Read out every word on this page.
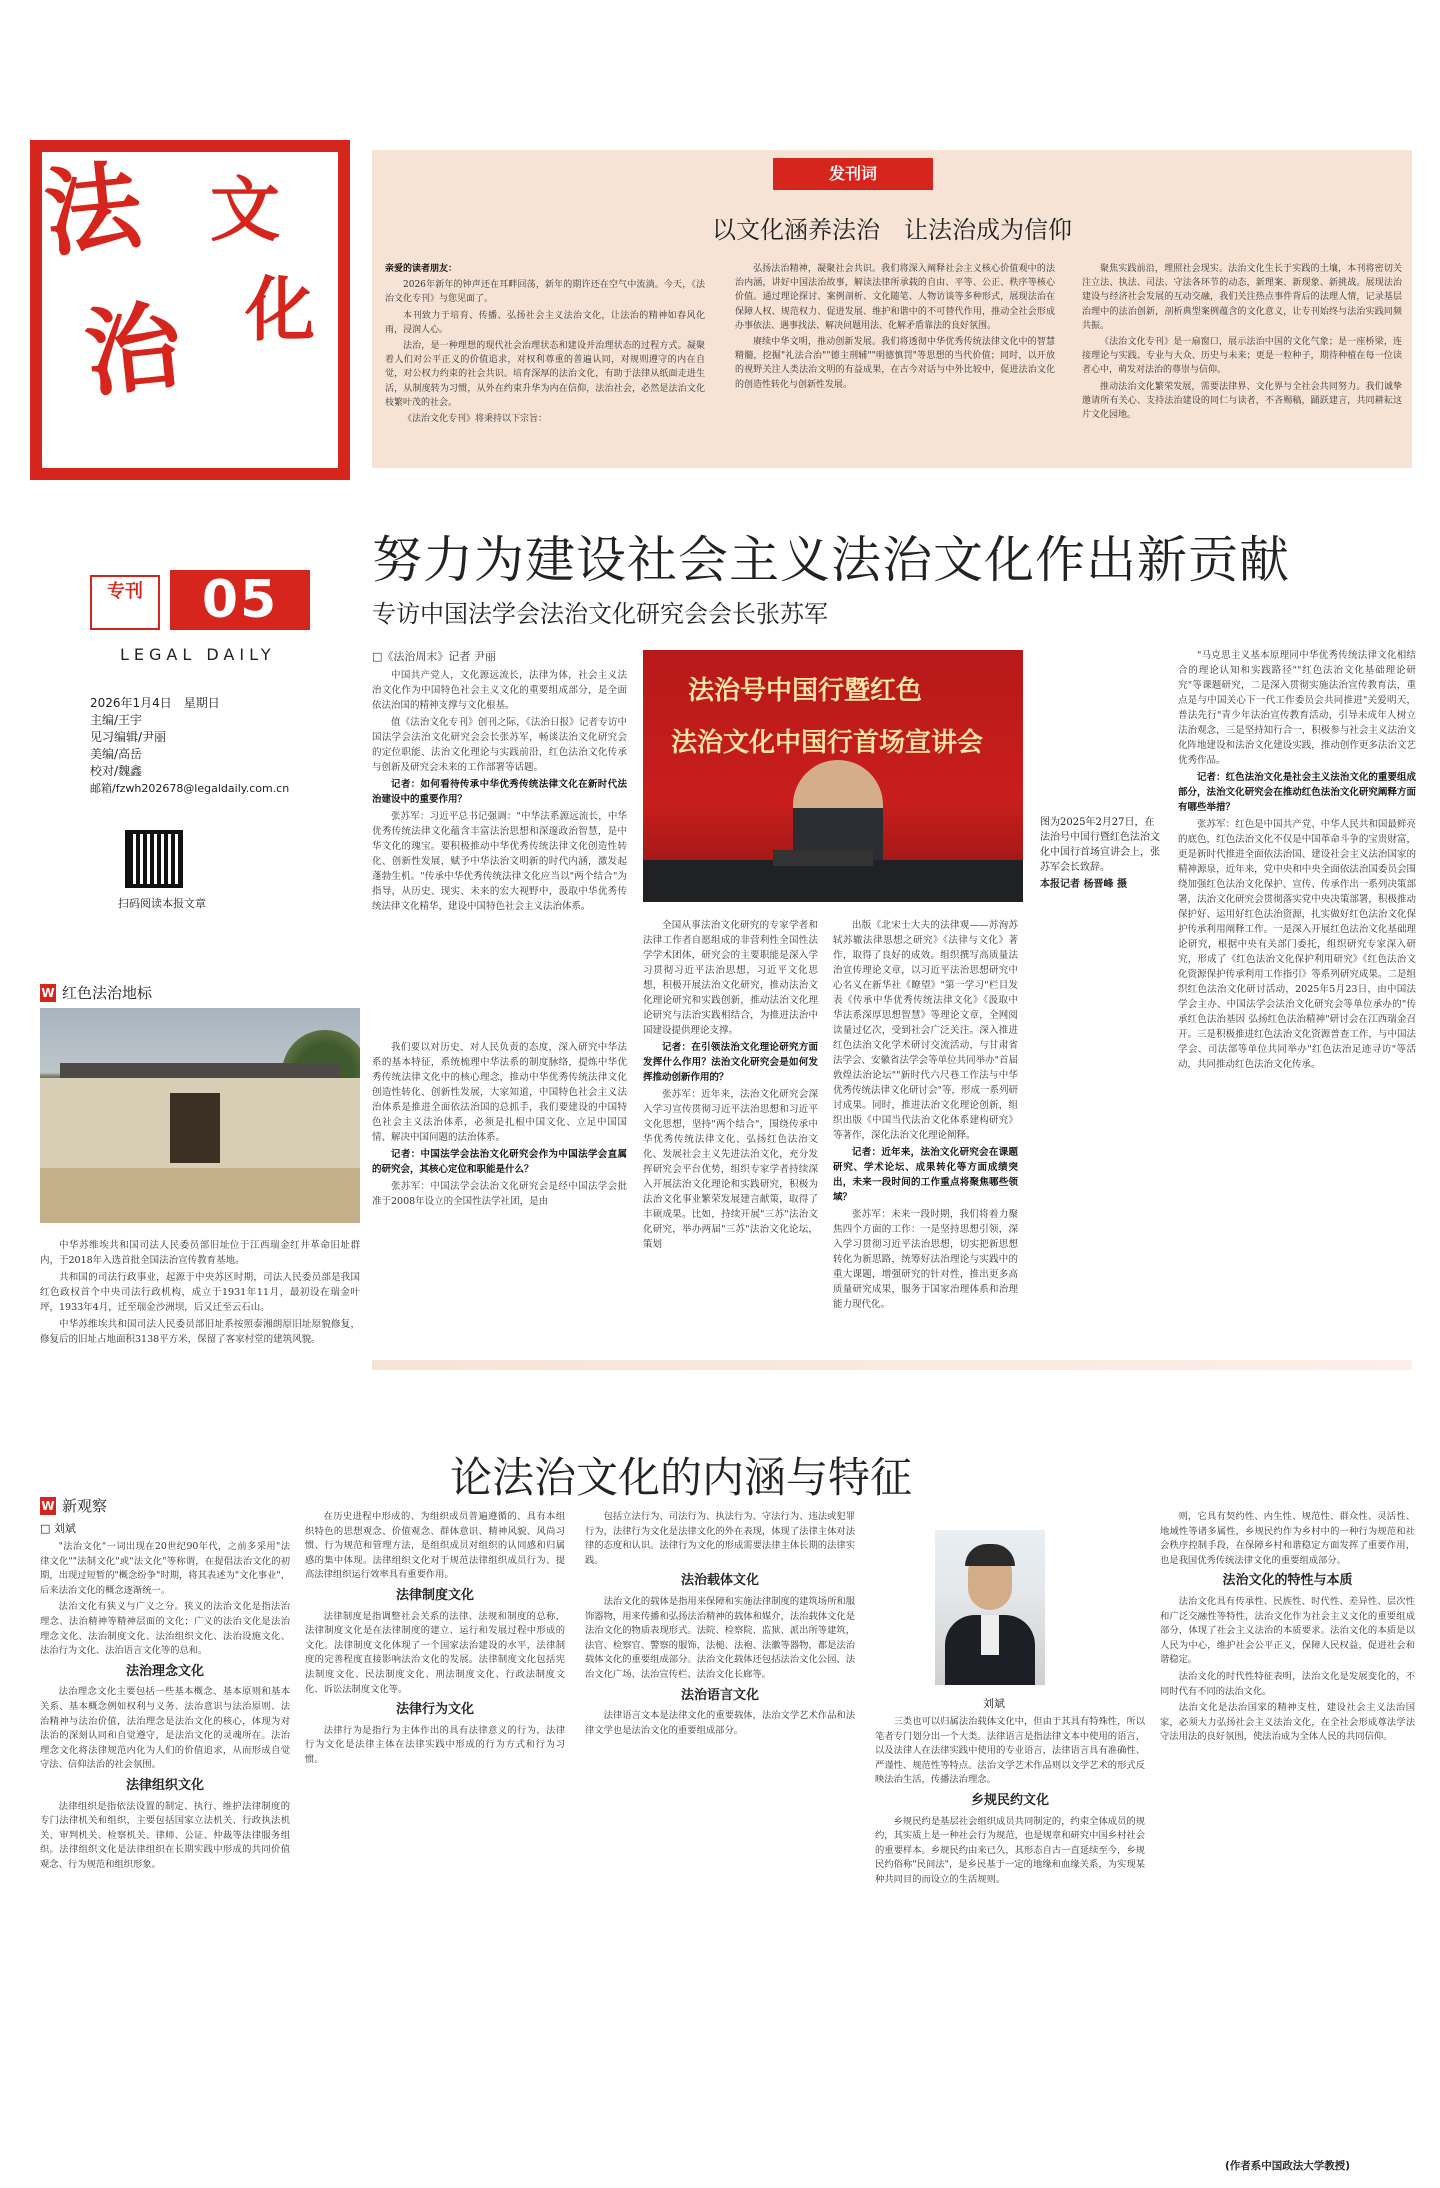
法
治
文
化
专刊	05
LEGAL DAILY
2026年1月4日　星期日
主编/王宇
见习编辑/尹丽
美编/高岳
校对/魏鑫
邮箱/fzwh202678@legaldaily.com.cn
扫码阅读本报文章
W 红色法治地标

中华苏维埃共和国司法人民委员部旧址位于江西瑞金红井革命旧址群内，于2018年入选首批全国法治宣传教育基地。

共和国的司法行政事业，起源于中央苏区时期，司法人民委员部是我国红色政权首个中央司法行政机构，成立于1931年11月，最初设在瑞金叶坪，1933年4月，迁至瑞金沙洲坝，后又迁至云石山。

中华苏维埃共和国司法人民委员部旧址系按照泰湘朗原旧址原貌修复，修复后的旧址占地面积3138平方米，保留了客家村堂的建筑风貌。

发刊词
以文化涵养法治　让法治成为信仰

亲爱的读者朋友：

2026年新年的钟声还在耳畔回荡，新年的期许还在空气中流淌。今天，《法治文化专刊》与您见面了。

本刊致力于培育、传播、弘扬社会主义法治文化，让法治的精神如春风化雨，浸润人心。

法治，是一种理想的现代社会治理状态和建设并治理状态的过程方式。凝聚着人们对公平正义的价值追求，对权利尊重的普遍认同，对规则遵守的内在自觉，对公权力约束的社会共识。培育深厚的法治文化，有助于法律从纸面走进生活，从制度转为习惯，从外在约束升华为内在信仰，法治社会，必然是法治文化枝繁叶茂的社会。

《法治文化专刊》将秉持以下宗旨：

弘扬法治精神，凝聚社会共识。我们将深入阐释社会主义核心价值观中的法治内涵，讲好中国法治故事，解读法律所承载的自由、平等、公正、秩序等核心价值。通过理论探讨、案例剖析、文化随笔、人物访谈等多种形式，展现法治在保障人权、规范权力、促进发展、维护和谐中的不可替代作用，推动全社会形成办事依法、遇事找法、解决问题用法、化解矛盾靠法的良好氛围。

赓续中华文明，推动创新发展。我们将透彻中华优秀传统法律文化中的智慧精髓，挖掘"礼法合治""德主刑辅""明德慎罚"等思想的当代价值；同时，以开放的视野关注人类法治文明的有益成果，在古今对话与中外比较中，促进法治文化的创造性转化与创新性发展。

聚焦实践前沿，理照社会现实。法治文化生长于实践的土壤，本刊将密切关注立法、执法、司法、守法各环节的动态，新理案、新现象、新挑战。展现法治建设与经济社会发展的互动交融，我们关注热点事件背后的法理人情，记录基层治理中的法治创新，剖析典型案例蕴含的文化意义，让专刊始终与法治实践同频共振。

《法治文化专刊》是一扇窗口，展示法治中国的文化气象；是一座桥梁，连接理论与实践、专业与大众、历史与未来；更是一粒种子，期待种植在每一位读者心中，萌发对法治的尊崇与信仰。

推动法治文化繁荣发展，需要法律界、文化界与全社会共同努力。我们诚挚邀请所有关心、支持法治建设的同仁与读者，不吝赐稿，踊跃建言，共同耕耘这片文化园地。

努力为建设社会主义法治文化作出新贡献
专访中国法学会法治文化研究会会长张苏军
□《法治周末》记者 尹丽

中国共产党人，文化源远流长，法律为体，社会主义法治文化作为中国特色社会主义文化的重要组成部分，是全面依法治国的精神支撑与文化根基。

值《法治文化专刊》创刊之际，《法治日报》记者专访中国法学会法治文化研究会会长张苏军，畅谈法治文化研究会的定位职能、法治文化理论与实践前沿，红色法治文化传承与创新及研究会未来的工作部署等话题。

记者：如何看待传承中华优秀传统法律文化在新时代法治建设中的重要作用？

张苏军：习近平总书记强调："中华法系源远流长，中华优秀传统法律文化蕴含丰富法治思想和深邃政治智慧，是中华文化的瑰宝。要积极推动中华优秀传统法律文化创造性转化、创新性发展，赋予中华法治文明新的时代内涵，激发起蓬勃生机。"传承中华优秀传统法律文化应当以"两个结合"为指导，从历史、现实、未来的宏大视野中，汲取中华优秀传统法律文化精华，建设中国特色社会主义法治体系。

我们要以对历史、对人民负责的态度，深入研究中华法系的基本特征，系统梳理中华法系的制度脉络，提炼中华优秀传统法律文化中的核心理念，推动中华优秀传统法律文化创造性转化、创新性发展，大家知道，中国特色社会主义法治体系是推进全面依法治国的总抓手，我们要建设的中国特色社会主义法治体系，必须是扎根中国文化、立足中国国情、解决中国问题的法治体系。

记者：中国法学会法治文化研究会作为中国法学会直属的研究会，其核心定位和职能是什么？

张苏军：中国法学会法治文化研究会是经中国法学会批准于2008年设立的全国性法学社团，是由

法治号中国行暨红色
法治文化中国行首场宣讲会
图为2025年2月27日，在法治号中国行暨红色法治文化中国行首场宣讲会上，张苏军会长致辞。
本报记者 杨晋峰 摄

全国从事法治文化研究的专家学者和法律工作者自愿组成的非营利性全国性法学学术团体，研究会的主要职能是深入学习贯彻习近平法治思想，习近平文化思想，积极开展法治文化研究，推动法治文化理论研究和实践创新，推动法治文化理论研究与法治实践相结合，为推进法治中国建设提供理论支撑。

记者：在引领法治文化理论研究方面发挥什么作用？法治文化研究会是如何发挥推动创新作用的？

张苏军：近年来，法治文化研究会深入学习宣传贯彻习近平法治思想和习近平文化思想，坚持"两个结合"，围绕传承中华优秀传统法律文化、弘扬红色法治文化、发展社会主义先进法治文化，充分发挥研究会平台优势，组织专家学者持续深入开展法治文化理论和实践研究，积极为法治文化事业繁荣发展建言献策，取得了丰硕成果。比如，持续开展"三苏"法治文化研究，举办两届"三苏"法治文化论坛，策划

出版《北宋士大夫的法律观——苏洵苏轼苏辙法律思想之研究》《法律与文化》著作，取得了良好的成效。组织撰写高质量法治宣传理论文章，以习近平法治思想研究中心名义在新华社《瞭望》"第一学习"栏目发表《传承中华优秀传统法律文化》《汲取中华法系深厚思想智慧》等理论文章，全网阅读量过亿次，受到社会广泛关注。深入推进红色法治文化学术研讨交流活动，与甘肃省法学会、安徽省法学会等单位共同举办"首届敦煌法治论坛""新时代六尺巷工作法与中华优秀传统法律文化研讨会"等，形成一系列研讨成果。同时，推进法治文化理论创新，组织出版《中国当代法治文化体系建构研究》等著作，深化法治文化理论阐释。

记者：近年来，法治文化研究会在课题研究、学术论坛、成果转化等方面成绩突出，未来一段时间的工作重点将聚焦哪些领域？

张苏军：未来一段时期，我们将着力聚焦四个方面的工作：一是坚持思想引领，深入学习贯彻习近平法治思想，切实把新思想转化为新思路，统筹好法治理论与实践中的重大课题，增强研究的针对性，推出更多高质量研究成果，服务于国家治理体系和治理能力现代化。

"马克思主义基本原理同中华优秀传统法律文化相结合的理论认知和实践路径""红色法治文化基础理论研究"等课题研究，二是深入贯彻实施法治宣传教育法，重点是与中国关心下一代工作委员会共同推进"关爱明天，普法先行"青少年法治宣传教育活动，引导未成年人树立法治观念，三是坚持知行合一，积极参与社会主义法治文化阵地建设和法治文化建设实践，推动创作更多法治文艺优秀作品。

记者：红色法治文化是社会主义法治文化的重要组成部分，法治文化研究会在推动红色法治文化研究阐释方面有哪些举措？

张苏军：红色是中国共产党、中华人民共和国最鲜亮的底色，红色法治文化不仅是中国革命斗争的宝贵财富，更是新时代推进全面依法治国、建设社会主义法治国家的精神源泉，近年来，党中央和中央全面依法治国委员会围绕加强红色法治文化保护、宣传、传承作出一系列决策部署，法治文化研究会贯彻落实党中央决策部署，积极推动保护好、运用好红色法治资源，扎实做好红色法治文化保护传承利用阐释工作。一是深入开展红色法治文化基础理论研究，根据中央有关部门委托，组织研究专家深入研究，形成了《红色法治文化保护利用研究》《红色法治文化资源保护传承利用工作指引》等系列研究成果。二是组织红色法治文化研讨活动，2025年5月23日，由中国法学会主办、中国法学会法治文化研究会等单位承办的"传承红色法治基因 弘扬红色法治精神"研讨会在江西瑞金召开。三是积极推进红色法治文化资源普查工作，与中国法学会、司法部等单位共同举办"红色法治足迹寻访"等活动，共同推动红色法治文化传承。

论法治文化的内涵与特征
W 新观察
□ 刘斌

"法治文化"一词出现在20世纪90年代，之前多采用"法律文化""法制文化"或"法文化"等称谓，在提倡法治文化的初期，出现过短暂的"概念纷争"时期，将其表述为"文化事业"，后来法治文化的概念逐渐统一。

法治文化有狭义与广义之分。狭义的法治文化是指法治理念、法治精神等精神层面的文化；广义的法治文化是法治理念文化、法治制度文化、法治组织文化、法治设施文化、法治行为文化、法治语言文化等的总和。

法治理念文化

法治理念文化主要包括一些基本概念、基本原则和基本关系、基本概念例如权利与义务、法治意识与法治原则、法治精神与法治价值，法治理念是法治文化的核心，体现为对法治的深刻认同和自觉遵守，是法治文化的灵魂所在。法治理念文化将法律规范内化为人们的价值追求，从而形成自觉守法、信仰法治的社会氛围。

法律组织文化

法律组织是指依法设置的制定、执行、维护法律制度的专门法律机关和组织，主要包括国家立法机关、行政执法机关、审判机关、检察机关、律师、公证、仲裁等法律服务组织。法律组织文化是法律组织在长期实践中形成的共同价值观念、行为规范和组织形象。

在历史进程中形成的、为组织成员普遍遵循的、具有本组织特色的思想观念、价值观念、群体意识、精神风貌、风尚习惯、行为规范和管理方法，是组织成员对组织的认同感和归属感的集中体现。法律组织文化对于规范法律组织成员行为、提高法律组织运行效率具有重要作用。

法律制度文化

法律制度是指调整社会关系的法律、法规和制度的总称，法律制度文化是在法律制度的建立、运行和发展过程中形成的文化。法律制度文化体现了一个国家法治建设的水平，法律制度的完善程度直接影响法治文化的发展。法律制度文化包括宪法制度文化、民法制度文化、刑法制度文化、行政法制度文化、诉讼法制度文化等。

法律行为文化

法律行为是指行为主体作出的具有法律意义的行为，法律行为文化是法律主体在法律实践中形成的行为方式和行为习惯。

包括立法行为、司法行为、执法行为、守法行为、违法或犯罪行为，法律行为文化是法律文化的外在表现，体现了法律主体对法律的态度和认识。法律行为文化的形成需要法律主体长期的法律实践。

法治载体文化

法治文化的载体是指用来保障和实施法律制度的建筑场所和服饰器物，用来传播和弘扬法治精神的载体和媒介，法治载体文化是法治文化的物质表现形式。法院、检察院、监狱、派出所等建筑，法官、检察官、警察的服饰，法槌、法袍、法徽等器物，都是法治载体文化的重要组成部分。法治文化载体还包括法治文化公园、法治文化广场、法治宣传栏、法治文化长廊等。

法治语言文化

法律语言文本是法律文化的重要载体，法治文学艺术作品和法律文学也是法治文化的重要组成部分。

刘斌

三类也可以归属法治载体文化中，但由于其具有特殊性，所以笔者专门划分出一个大类。法律语言是指法律文本中使用的语言，以及法律人在法律实践中使用的专业语言，法律语言具有准确性、严谨性、规范性等特点。法治文学艺术作品则以文学艺术的形式反映法治生活，传播法治理念。

乡规民约文化

乡规民约是基层社会组织成员共同制定的，约束全体成员的规约，其实质上是一种社会行为规范，也是规章和研究中国乡村社会的重要样本。乡规民约由来已久，其形态自古一直延续至今，乡规民约俗称"民间法"，是乡民基于一定的地缘和血缘关系，为实现某种共同目的而设立的生活规则。

则，它具有契约性、内生性、规范性、群众性、灵活性、地域性等诸多属性，乡规民约作为乡村中的一种行为规范和社会秩序控制手段，在保障乡村和谐稳定方面发挥了重要作用，也是我国优秀传统法律文化的重要组成部分。

法治文化的特性与本质

法治文化具有传承性、民族性、时代性、差异性、层次性和广泛交融性等特性，法治文化作为社会主义文化的重要组成部分，体现了社会主义法治的本质要求。法治文化的本质是以人民为中心，维护社会公平正义，保障人民权益，促进社会和谐稳定。

法治文化的时代性特征表明，法治文化是发展变化的，不同时代有不同的法治文化。

法治文化是法治国家的精神支柱，建设社会主义法治国家，必须大力弘扬社会主义法治文化，在全社会形成尊法学法守法用法的良好氛围，使法治成为全体人民的共同信仰。

(作者系中国政法大学教授)
